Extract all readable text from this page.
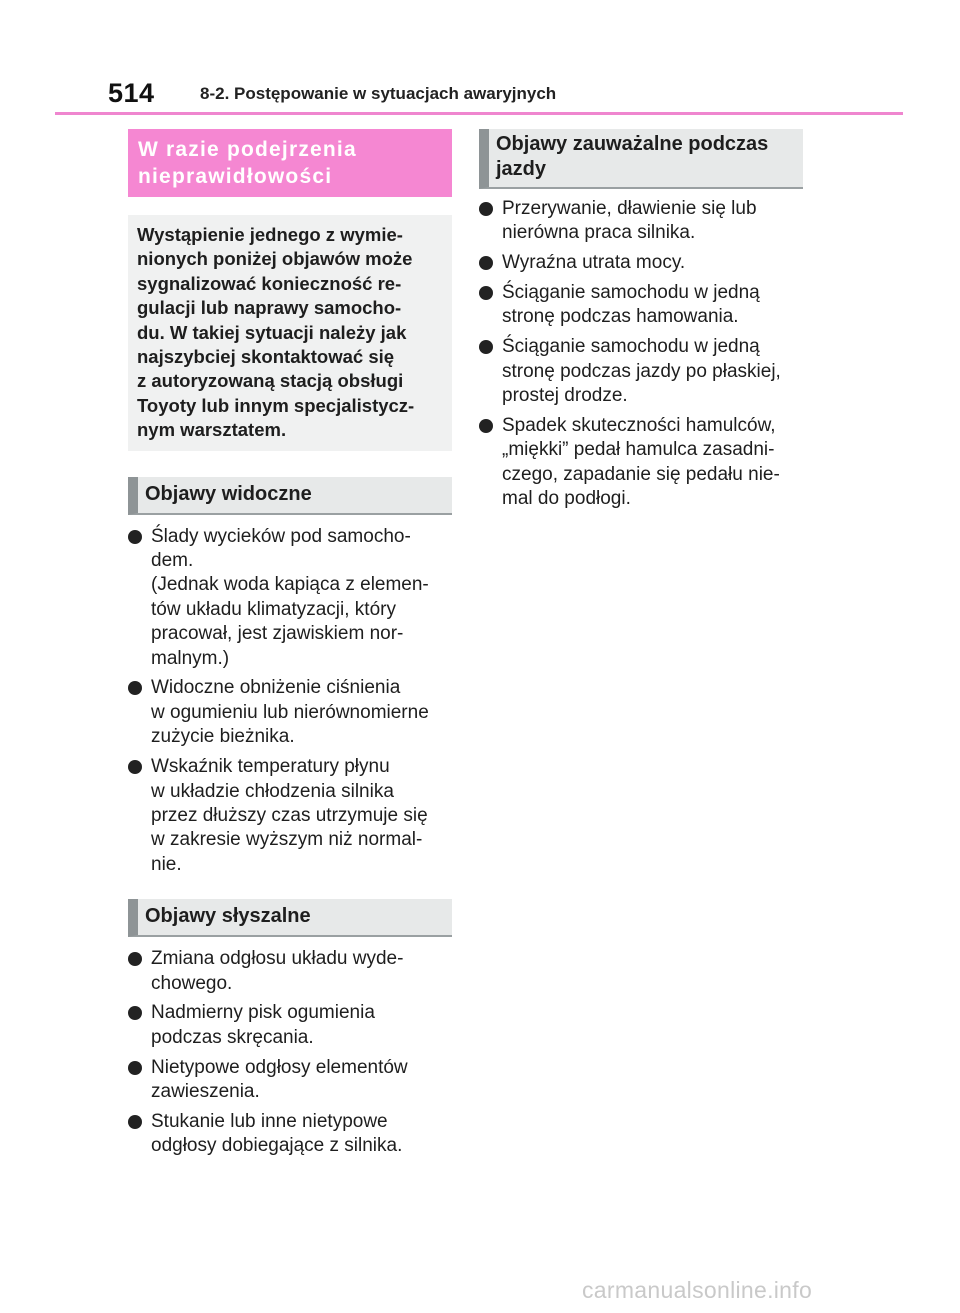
514	8-2. Postępowanie w sytuacjach awaryjnych
W razie podejrzenia
nieprawidłowości
Wystąpienie jednego z wymie-
nionych poniżej objawów może
sygnalizować konieczność re-
gulacji lub naprawy samocho-
du. W takiej sytuacji należy jak
najszybciej skontaktować się
z autoryzowaną stacją obsługi
Toyoty lub innym specjalistycz-
nym warsztatem.
Objawy widoczne
Ślady wycieków pod samocho-
dem.
(Jednak woda kapiąca z elemen-
tów układu klimatyzacji, który
pracował, jest zjawiskiem nor-
malnym.)
Widoczne obniżenie ciśnienia
w ogumieniu lub nierównomierne
zużycie bieżnika.
Wskaźnik temperatury płynu
w układzie chłodzenia silnika
przez dłuższy czas utrzymuje się
w zakresie wyższym niż normal-
nie.
Objawy słyszalne
Zmiana odgłosu układu wyde-
chowego.
Nadmierny pisk ogumienia
podczas skręcania.
Nietypowe odgłosy elementów
zawieszenia.
Stukanie lub inne nietypowe
odgłosy dobiegające z silnika.
Objawy zauważalne podczas
jazdy
Przerywanie, dławienie się lub
nierówna praca silnika.
Wyraźna utrata mocy.
Ściąganie samochodu w jedną
stronę podczas hamowania.
Ściąganie samochodu w jedną
stronę podczas jazdy po płaskiej,
prostej drodze.
Spadek skuteczności hamulców,
„miękki” pedał hamulca zasadni-
czego, zapadanie się pedału nie-
mal do podłogi.
carmanualsonline.info
